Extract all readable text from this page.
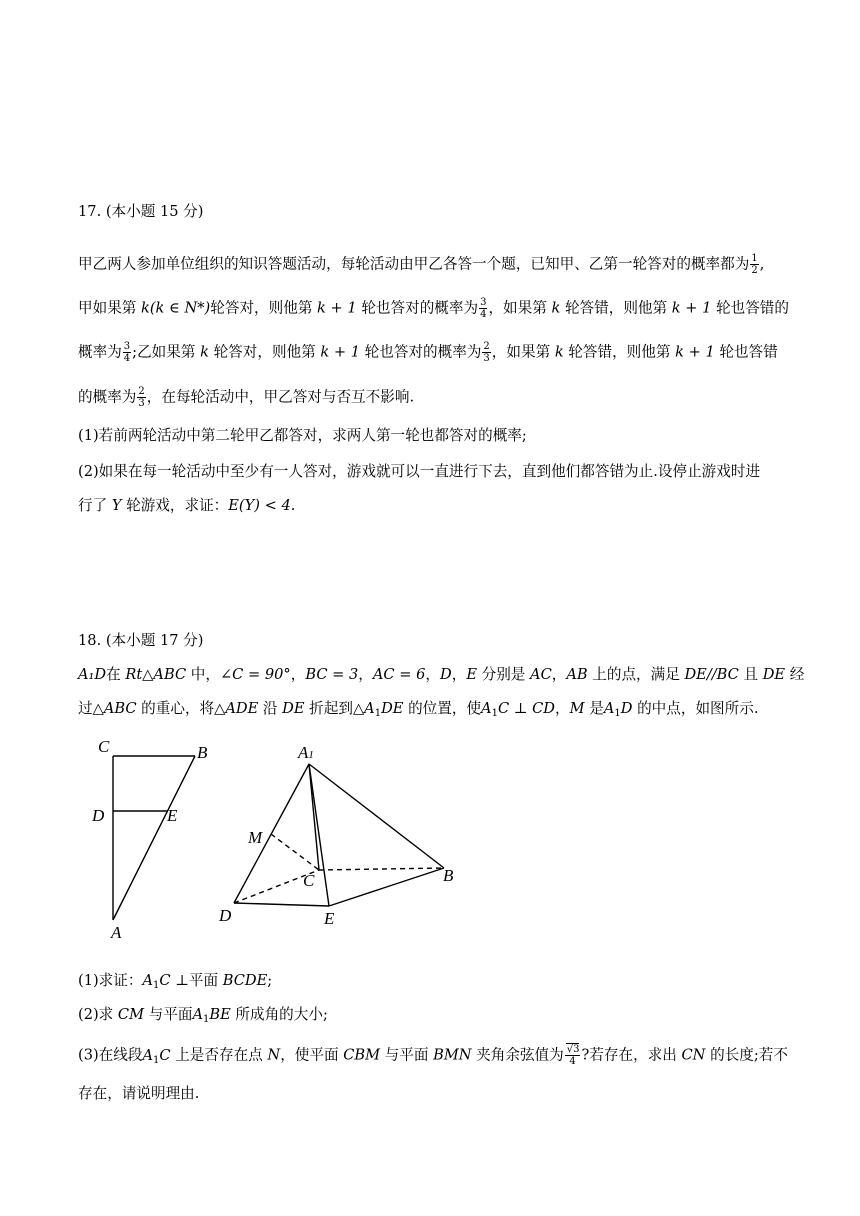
17. (本小题 15 分)
甲乙两人参加单位组织的知识答题活动，每轮活动由甲乙各答一个题，已知甲、乙第一轮答对的概率都为 $\frac{1}{2}$ ,
甲如果第 k(k ∈ N*)轮答对，则他第 k + 1 轮也答对的概率为 $\frac{3}{4}$ ，如果第 k 轮答错，则他第 k + 1 轮也答错的
概率为 $\frac{3}{4}$ ;乙如果第 k 轮答对，则他第 k + 1 轮也答对的概率为 $\frac{2}{3}$ ，如果第 k 轮答错，则他第 k + 1 轮也答错
的概率为 $\frac{2}{3}$ ，在每轮活动中，甲乙答对与否互不影响.
(1)若前两轮活动中第二轮甲乙都答对，求两人第一轮也都答对的概率;
(2)如果在每一轮活动中至少有一人答对，游戏就可以一直进行下去，直到他们都答错为止.设停止游戏时进
行了 Y 轮游戏，求证：E(Y) < 4.
18. (本小题 17 分)
A₁D在 Rt△ABC 中，∠C = 90°，BC = 3，AC = 6，D，E 分别是 AC，AB 上的点，满足 DE//BC 且 DE 经
过△ABC 的重心，将△ADE 沿 DE 折起到$\triangle A_1DE$ 的位置，使$A_1C$ ⊥ CD，M 是$A_1D$ 的中点，如图所示.
C	B
D	E
A
A1
M
C	B
D	E
(1)求证：$A_1C$ ⊥平面 BCDE;
(2)求 CM 与平面$A_1BE$ 所成角的大小;
(3)在线段$A_1C$ 上是否存在点 N，使平面 CBM 与平面 BMN 夹角余弦值为 $\frac{√3}{4}$ ?若存在，求出 CN 的长度;若不
存在，请说明理由.
